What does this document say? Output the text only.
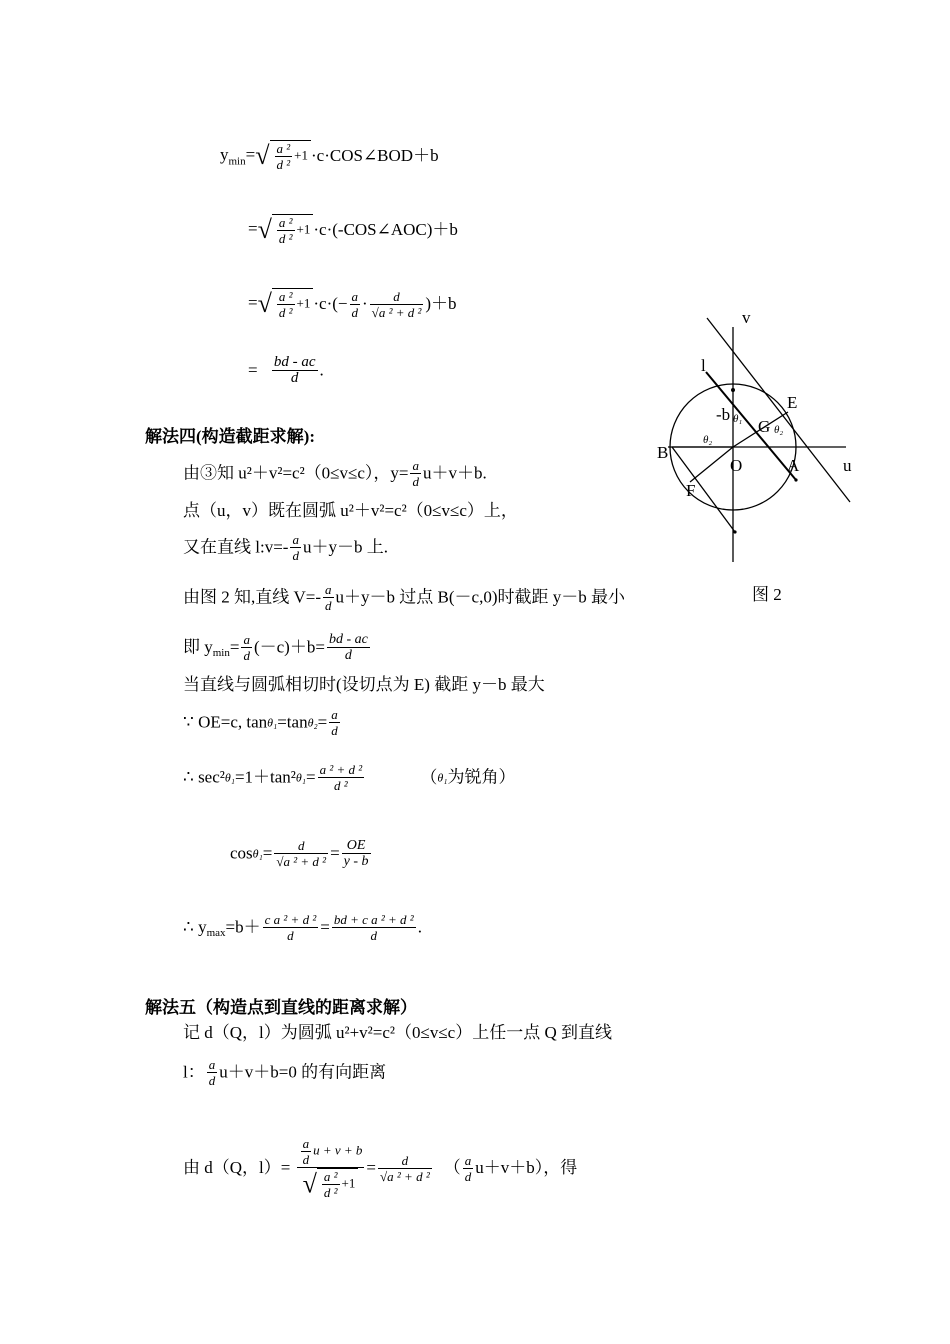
$y_{min}=√ \frac{\text{a ²}}{\text{d ²}} +1$ ·c·COS∠BOD＋b
=√ $\frac{\text{a ²}}{\text{d ²}} +1$ ·c·(-COS∠AOC)＋b
=√ $\frac{\text{a ²}}{\text{d ²}} +1 \cdot c\cdot(- \frac{a}{d} \cdot \frac{d}{\text{√a ² + d ²}} )+b$
= $\frac{bd - ac}{d}$ .
解法四(构造截距求解):
由③知 u²＋v²=c²（0≤v≤c），$y= \frac{a}{d} u+v+b$.
点（u，v）既在圆弧 u²＋v²=c²（0≤v≤c）上，
又在直线 l:v=- $\frac{a}{d} u+y-b$ 上.
由图 2 知,直线 $V=- \frac{a}{d} u+y-b$ 过点 B(－c,0)时截距 y－b 最小	图 2
即 $y_{min}= \frac{a}{d} (-c)+b= \frac{bd - ac}{d}$
当直线与圆弧相切时(设切点为 E) 截距 y－b 最大
∵ OE=c, $\tan\theta_1=\tan\theta_2= \frac{a}{d}$
∴ $\sec^2\theta_1=1+\tan^2\theta_1= \frac{\text{a ² + d ²}}{\text{d ²}}$	（θ₁为锐角）
$\cos\theta_1= \frac{d}{\text{√a ² + d ²}} = \frac{OE}{y - b}$
∴ $y_{max}=b+ \frac{\text{c a ² + d ²}}{d} = \frac{\text{bd + c a ² + d ²}}{d}$ .
解法五（构造点到直线的距离求解）
记 d（Q，l）为圆弧 u²+v²=c²（0≤v≤c）上任一点 Q 到直线
l： $\frac{a}{d} u+v+b=0$ 的有向距离
由 d（Q，$l)= \frac{\frac{a}{d} u + v + b}{√ \frac{\text{a ²}}{\text{d ²}} +1} = \frac{d}{\text{√a ² + d ²}}$ （ $\frac{a}{d} u+v+b$），得
v
u
l
E
B
O	A
F
G
-b θ₁
θ₂
θ₂
